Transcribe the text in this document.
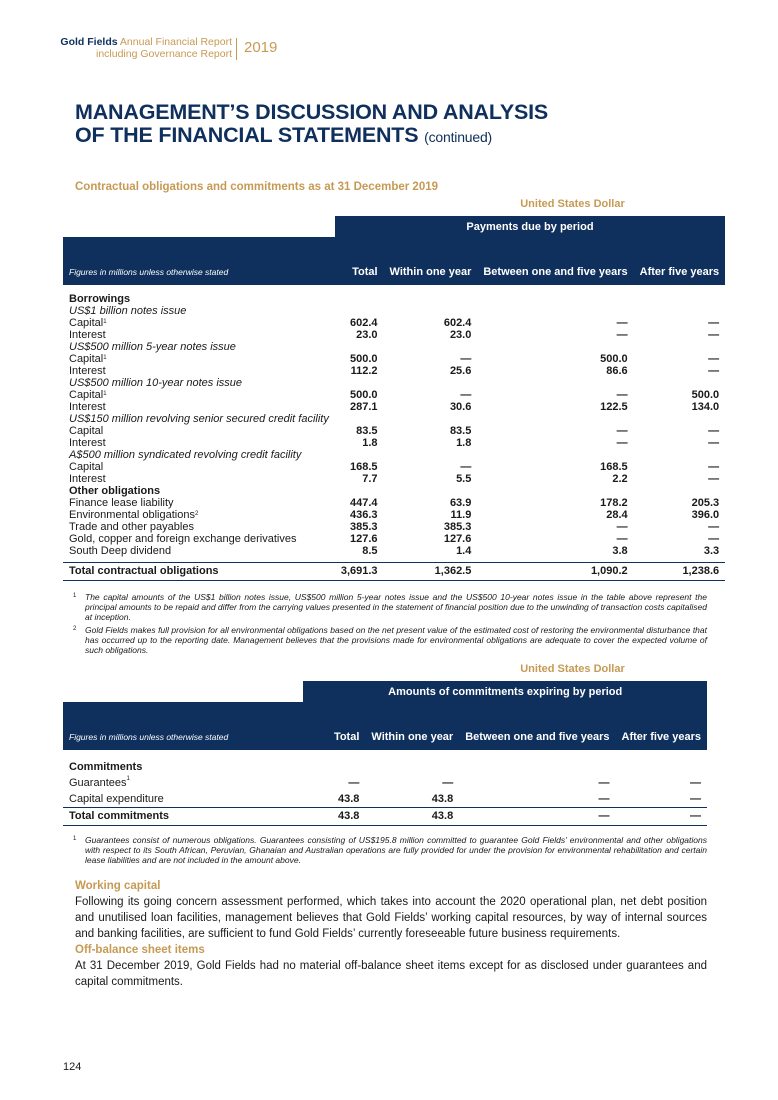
Gold Fields Annual Financial Report
including Governance Report 2019
MANAGEMENT’S DISCUSSION AND ANALYSIS
OF THE FINANCIAL STATEMENTS (continued)
Contractual obligations and commitments as at 31 December 2019
United States Dollar
	Payments due by period			
Figures in millions unless otherwise stated	Total	Within one year	Between one and five years	After five years

Borrowings				
US$1 billion notes issue				
Capital$^1$	602.4	602.4	—	—
Interest	23.0	23.0	—	—
US$500 million 5-year notes issue				
Capital$^1$	500.0	—	500.0	—
Interest	112.2	25.6	86.6	—
US$500 million 10-year notes issue				
Capital$^1$	500.0	—	—	500.0
Interest	287.1	30.6	122.5	134.0
US$150 million revolving senior secured credit facility				
Capital	83.5	83.5	—	—
Interest	1.8	1.8	—	—
A$500 million syndicated revolving credit facility				
Capital	168.5	—	168.5	—
Interest	7.7	5.5	2.2	—
Other obligations				
Finance lease liability	447.4	63.9	178.2	205.3
Environmental obligations$^2$	436.3	11.9	28.4	396.0
Trade and other payables	385.3	385.3	—	—
Gold, copper and foreign exchange derivatives	127.6	127.6	—	—
South Deep dividend	8.5	1.4	3.8	3.3

Total contractual obligations	3,691.3	1,362.5	1,090.2	1,238.6
1	The capital amounts of the US$1 billion notes issue, US$500 million 5-year notes issue and the US$500 10-year notes issue in the table above represent the principal amounts to be repaid and differ from the carrying values presented in the statement of financial position due to the unwinding of transaction costs capitalised at inception.

2	Gold Fields makes full provision for all environmental obligations based on the net present value of the estimated cost of restoring the environmental disturbance that has occurred up to the reporting date. Management believes that the provisions made for environmental obligations are adequate to cover the expected volume of such obligations.

United States Dollar
	Amounts of commitments expiring by period			
Figures in millions unless otherwise stated	Total	Within one year	Between one and five years	After five years

Commitments				
Guarantees$^1$	—	—	—	—
Capital expenditure	43.8	43.8	—	—
Total commitments	43.8	43.8	—	—
1	Guarantees consist of numerous obligations. Guarantees consisting of US$195.8 million committed to guarantee Gold Fields’ environmental and other obligations with respect to its South African, Peruvian, Ghanaian and Australian operations are fully provided for under the provision for environmental rehabilitation and certain lease liabilities and are not included in the amount above.

Working capital

Following its going concern assessment performed, which takes into account the 2020 operational plan, net debt position and unutilised loan facilities, management believes that Gold Fields’ working capital resources, by way of internal sources and banking facilities, are sufficient to fund Gold Fields’ currently foreseeable future business requirements.

Off-balance sheet items

At 31 December 2019, Gold Fields had no material off-balance sheet items except for as disclosed under guarantees and capital commitments.

124
